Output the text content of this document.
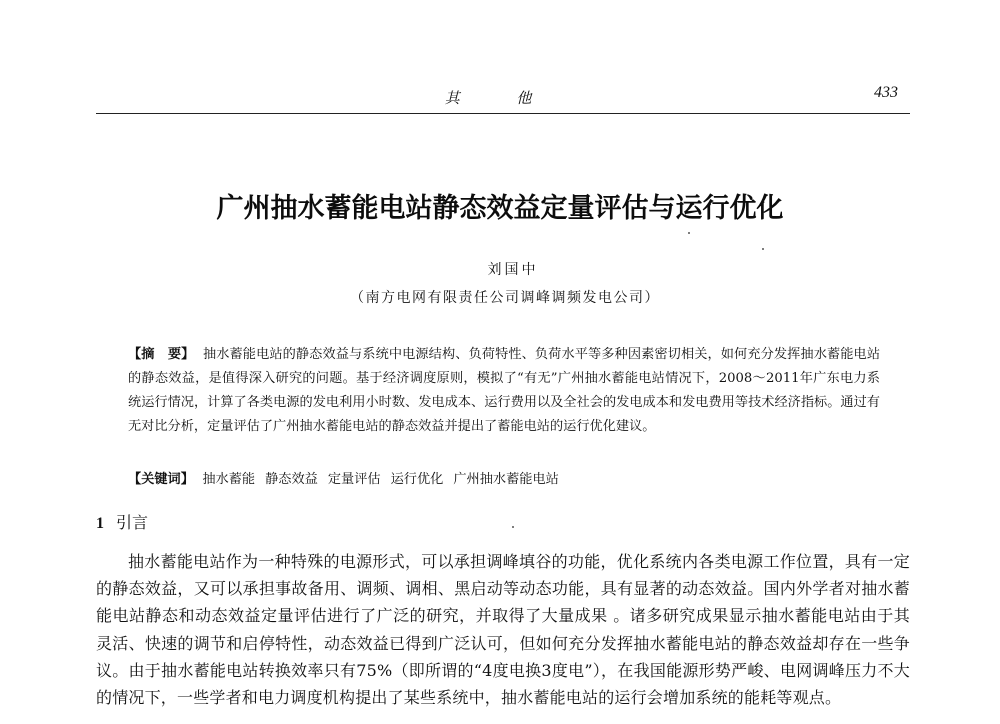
其 他	433
广州抽水蓄能电站静态效益定量评估与运行优化
刘国中
（南方电网有限责任公司调峰调频发电公司）
【摘　要】 抽水蓄能电站的静态效益与系统中电源结构、负荷特性、负荷水平等多种因素密切相关，如何充分发挥抽水蓄能电站的静态效益，是值得深入研究的问题。基于经济调度原则，模拟了“有无”广州抽水蓄能电站情况下，2008～2011年广东电力系统运行情况，计算了各类电源的发电利用小时数、发电成本、运行费用以及全社会的发电成本和发电费用等技术经济指标。通过有无对比分析，定量评估了广州抽水蓄能电站的静态效益并提出了蓄能电站的运行优化建议。
【关键词】 抽水蓄能 静态效益 定量评估 运行优化 广州抽水蓄能电站
1 引言

抽水蓄能电站作为一种特殊的电源形式，可以承担调峰填谷的功能，优化系统内各类电源工作位置，具有一定的静态效益，又可以承担事故备用、调频、调相、黑启动等动态功能，具有显著的动态效益。国内外学者对抽水蓄能电站静态和动态效益定量评估进行了广泛的研究，并取得了大量成果 。诸多研究成果显示抽水蓄能电站由于其灵活、快速的调节和启停特性，动态效益已得到广泛认可，但如何充分发挥抽水蓄能电站的静态效益却存在一些争议。由于抽水蓄能电站转换效率只有75%（即所谓的“4度电换3度电”），在我国能源形势严峻、电网调峰压力不大的情况下，一些学者和电力调度机构提出了某些系统中，抽水蓄能电站的运行会增加系统的能耗等观点。
